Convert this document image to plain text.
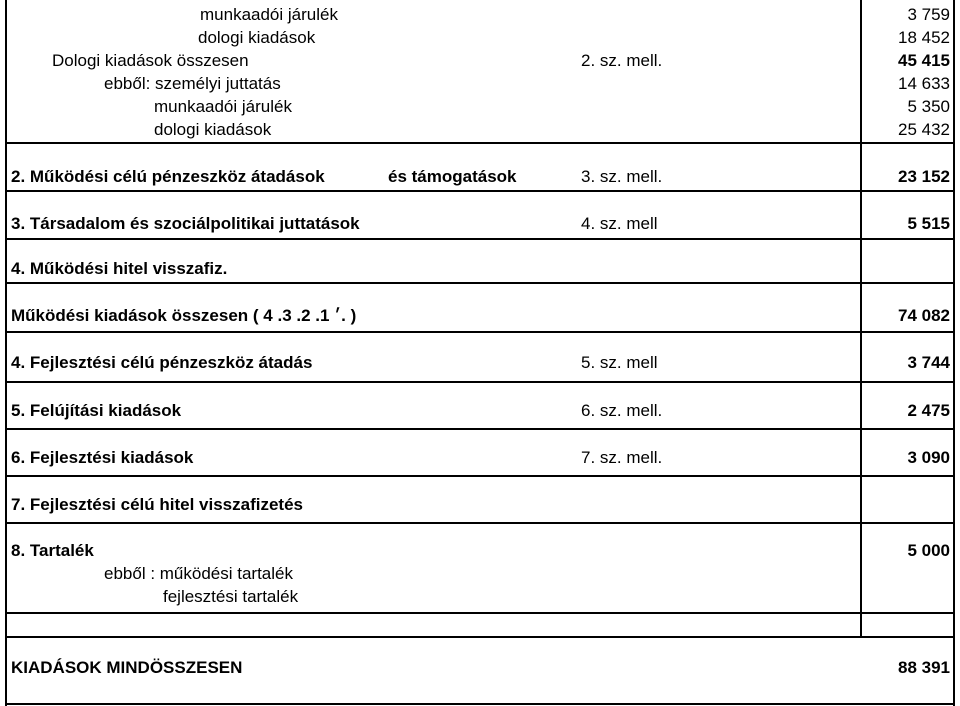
munkaadói járulék	3 759
dologi kiadások	18 452
Dologi kiadások összesen	2. sz. mell.	45 415
ebből: személyi juttatás	14 633
munkaadói járulék	5 350
dologi kiadások	25 432
2. Működési célú pénzeszköz átadások	és támogatások	3. sz. mell.	23 152
3. Társadalom és szociálpolitikai juttatások	4. sz. mell	5 515
4. Működési hitel visszafiz.
Működési kiadások összesen ( ׳ 1. 2. 3. 4. )	74 082
4. Fejlesztési célú pénzeszköz átadás	5. sz. mell	3 744
5. Felújítási kiadások	6. sz. mell.	2 475
6. Fejlesztési kiadások	7. sz. mell.	3 090
7. Fejlesztési célú hitel visszafizetés
8. Tartalék	5 000
ebből : működési tartalék
fejlesztési tartalék
KIADÁSOK MINDÖSSZESEN	88 391
